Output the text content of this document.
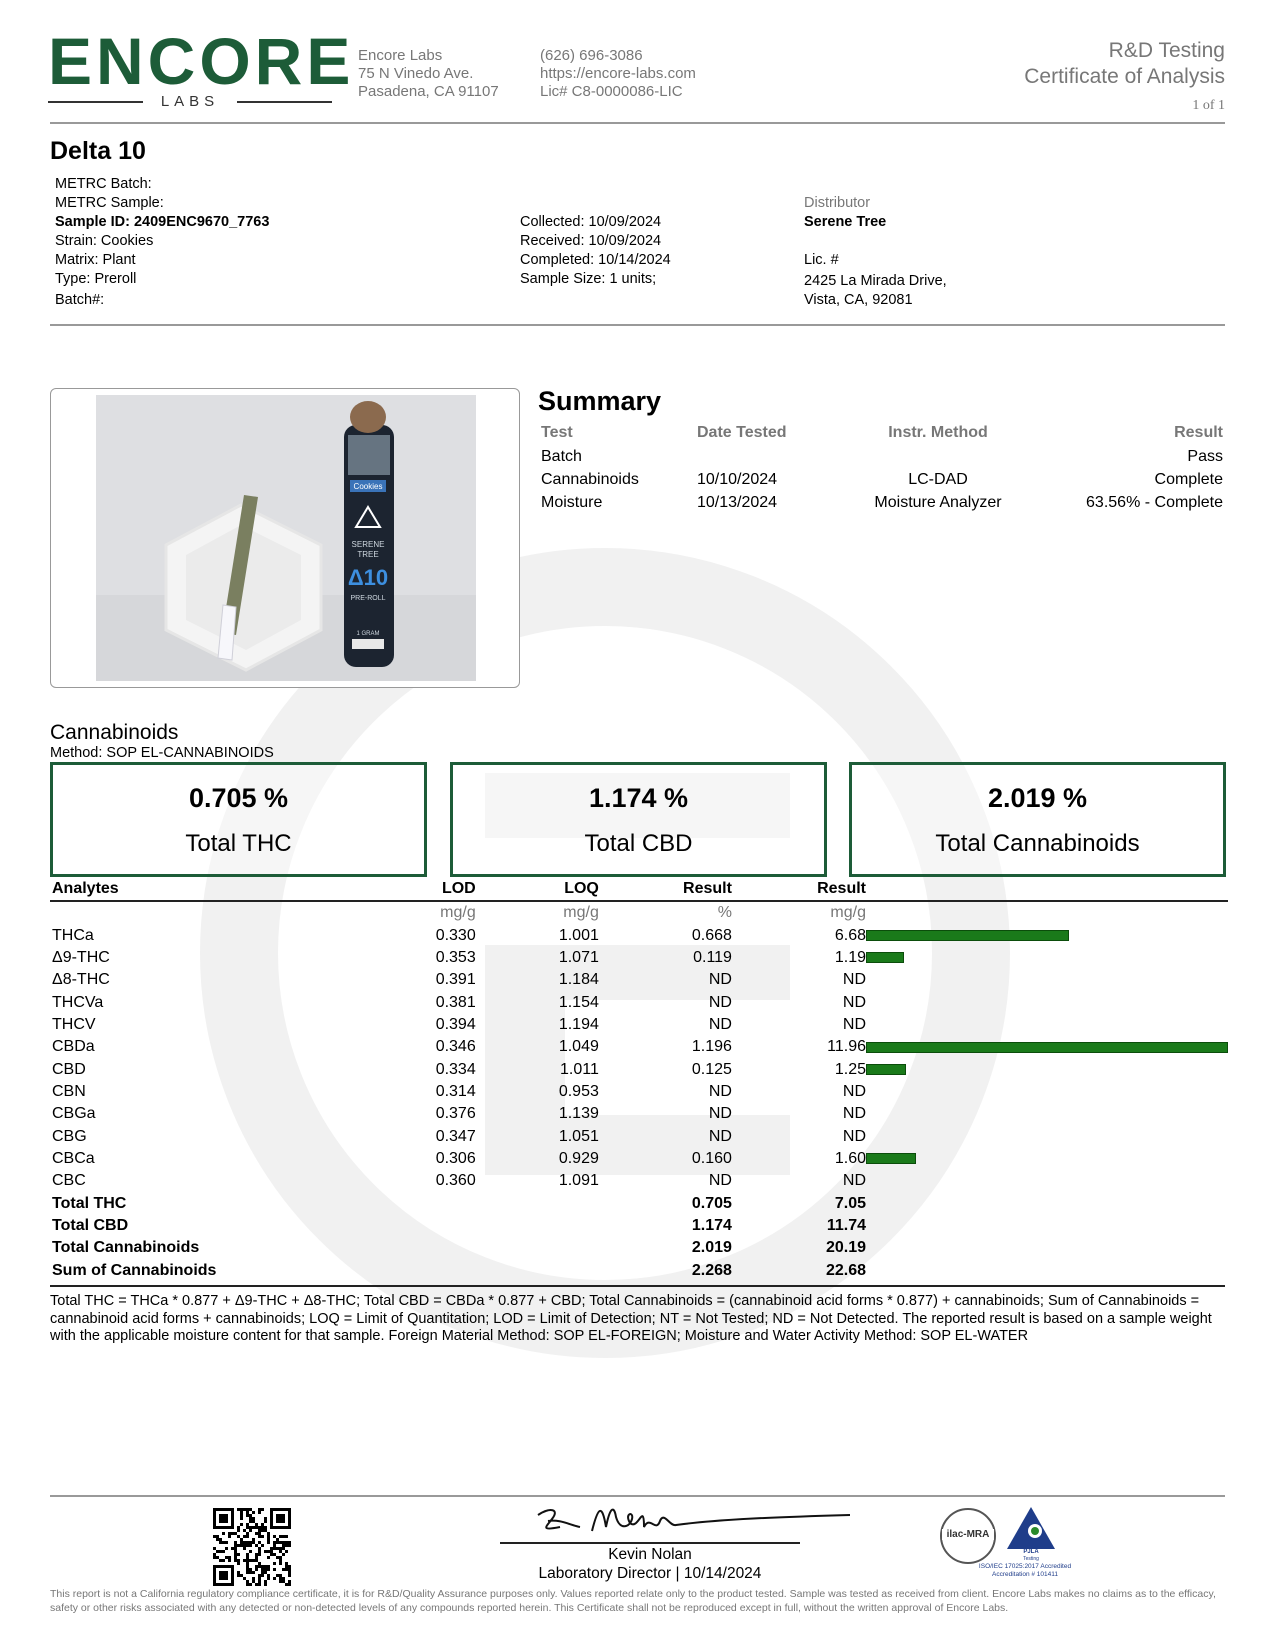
ENCORE
LABS
Encore Labs
75 N Vinedo Ave.
Pasadena, CA 91107
(626) 696-3086
https://encore-labs.com
Lic# C8-0000086-LIC
R&D Testing
Certificate of Analysis
1 of 1
Delta 10
METRC Batch:
METRC Sample:
Sample ID: 2409ENC9670_7763
Strain: Cookies
Matrix: Plant
Type: Preroll
Batch#:
Collected: 10/09/2024
Received: 10/09/2024
Completed: 10/14/2024
Sample Size: 1 units;
Distributor
Serene Tree
Lic. #
2425 La Mirada Drive,
Vista, CA, 92081
Cookies
SERENE
TREE
Δ10
PRE-ROLL
1 GRAM
Summary
Test	Date Tested	Instr. Method	Result
Batch			Pass
Cannabinoids	10/10/2024	LC-DAD	Complete
Moisture	10/13/2024	Moisture Analyzer	63.56% - Complete
Cannabinoids
Method: SOP EL-CANNABINOIDS
0.705 %
Total THC
1.174 %
Total CBD
2.019 %
Total Cannabinoids
Analytes	LOD	LOQ	Result	Result	
	mg/g	mg/g	%	mg/g	
THCa	0.330	1.001	0.668	6.68	
Δ9-THC	0.353	1.071	0.119	1.19	
Δ8-THC	0.391	1.184	ND	ND	
THCVa	0.381	1.154	ND	ND	
THCV	0.394	1.194	ND	ND	
CBDa	0.346	1.049	1.196	11.96	
CBD	0.334	1.011	0.125	1.25	
CBN	0.314	0.953	ND	ND	
CBGa	0.376	1.139	ND	ND	
CBG	0.347	1.051	ND	ND	
CBCa	0.306	0.929	0.160	1.60	
CBC	0.360	1.091	ND	ND	
Total THC			0.705	7.05	
Total CBD			1.174	11.74	
Total Cannabinoids			2.019	20.19	
Sum of Cannabinoids			2.268	22.68	
Total THC = THCa * 0.877 + Δ9-THC + Δ8-THC; Total CBD = CBDa * 0.877 + CBD; Total Cannabinoids = (cannabinoid acid forms * 0.877) + cannabinoids; Sum of Cannabinoids = cannabinoid acid forms + cannabinoids; LOQ = Limit of Quantitation; LOD = Limit of Detection; NT = Not Tested; ND = Not Detected. The reported result is based on a sample weight with the applicable moisture content for that sample. Foreign Material Method: SOP EL-FOREIGN; Moisture and Water Activity Method: SOP EL-WATER
Kevin Nolan
Laboratory Director | 10/14/2024
ilac-MRA
PJLA
Testing
ISO/IEC 17025:2017 Accredited
Accreditation # 101411
This report is not a California regulatory compliance certificate, it is for R&D/Quality Assurance purposes only. Values reported relate only to the product tested. Sample was tested as received from client. Encore Labs makes no claims as to the efficacy, safety or other risks associated with any detected or non-detected levels of any compounds reported herein. This Certificate shall not be reproduced except in full, without the written approval of Encore Labs.
